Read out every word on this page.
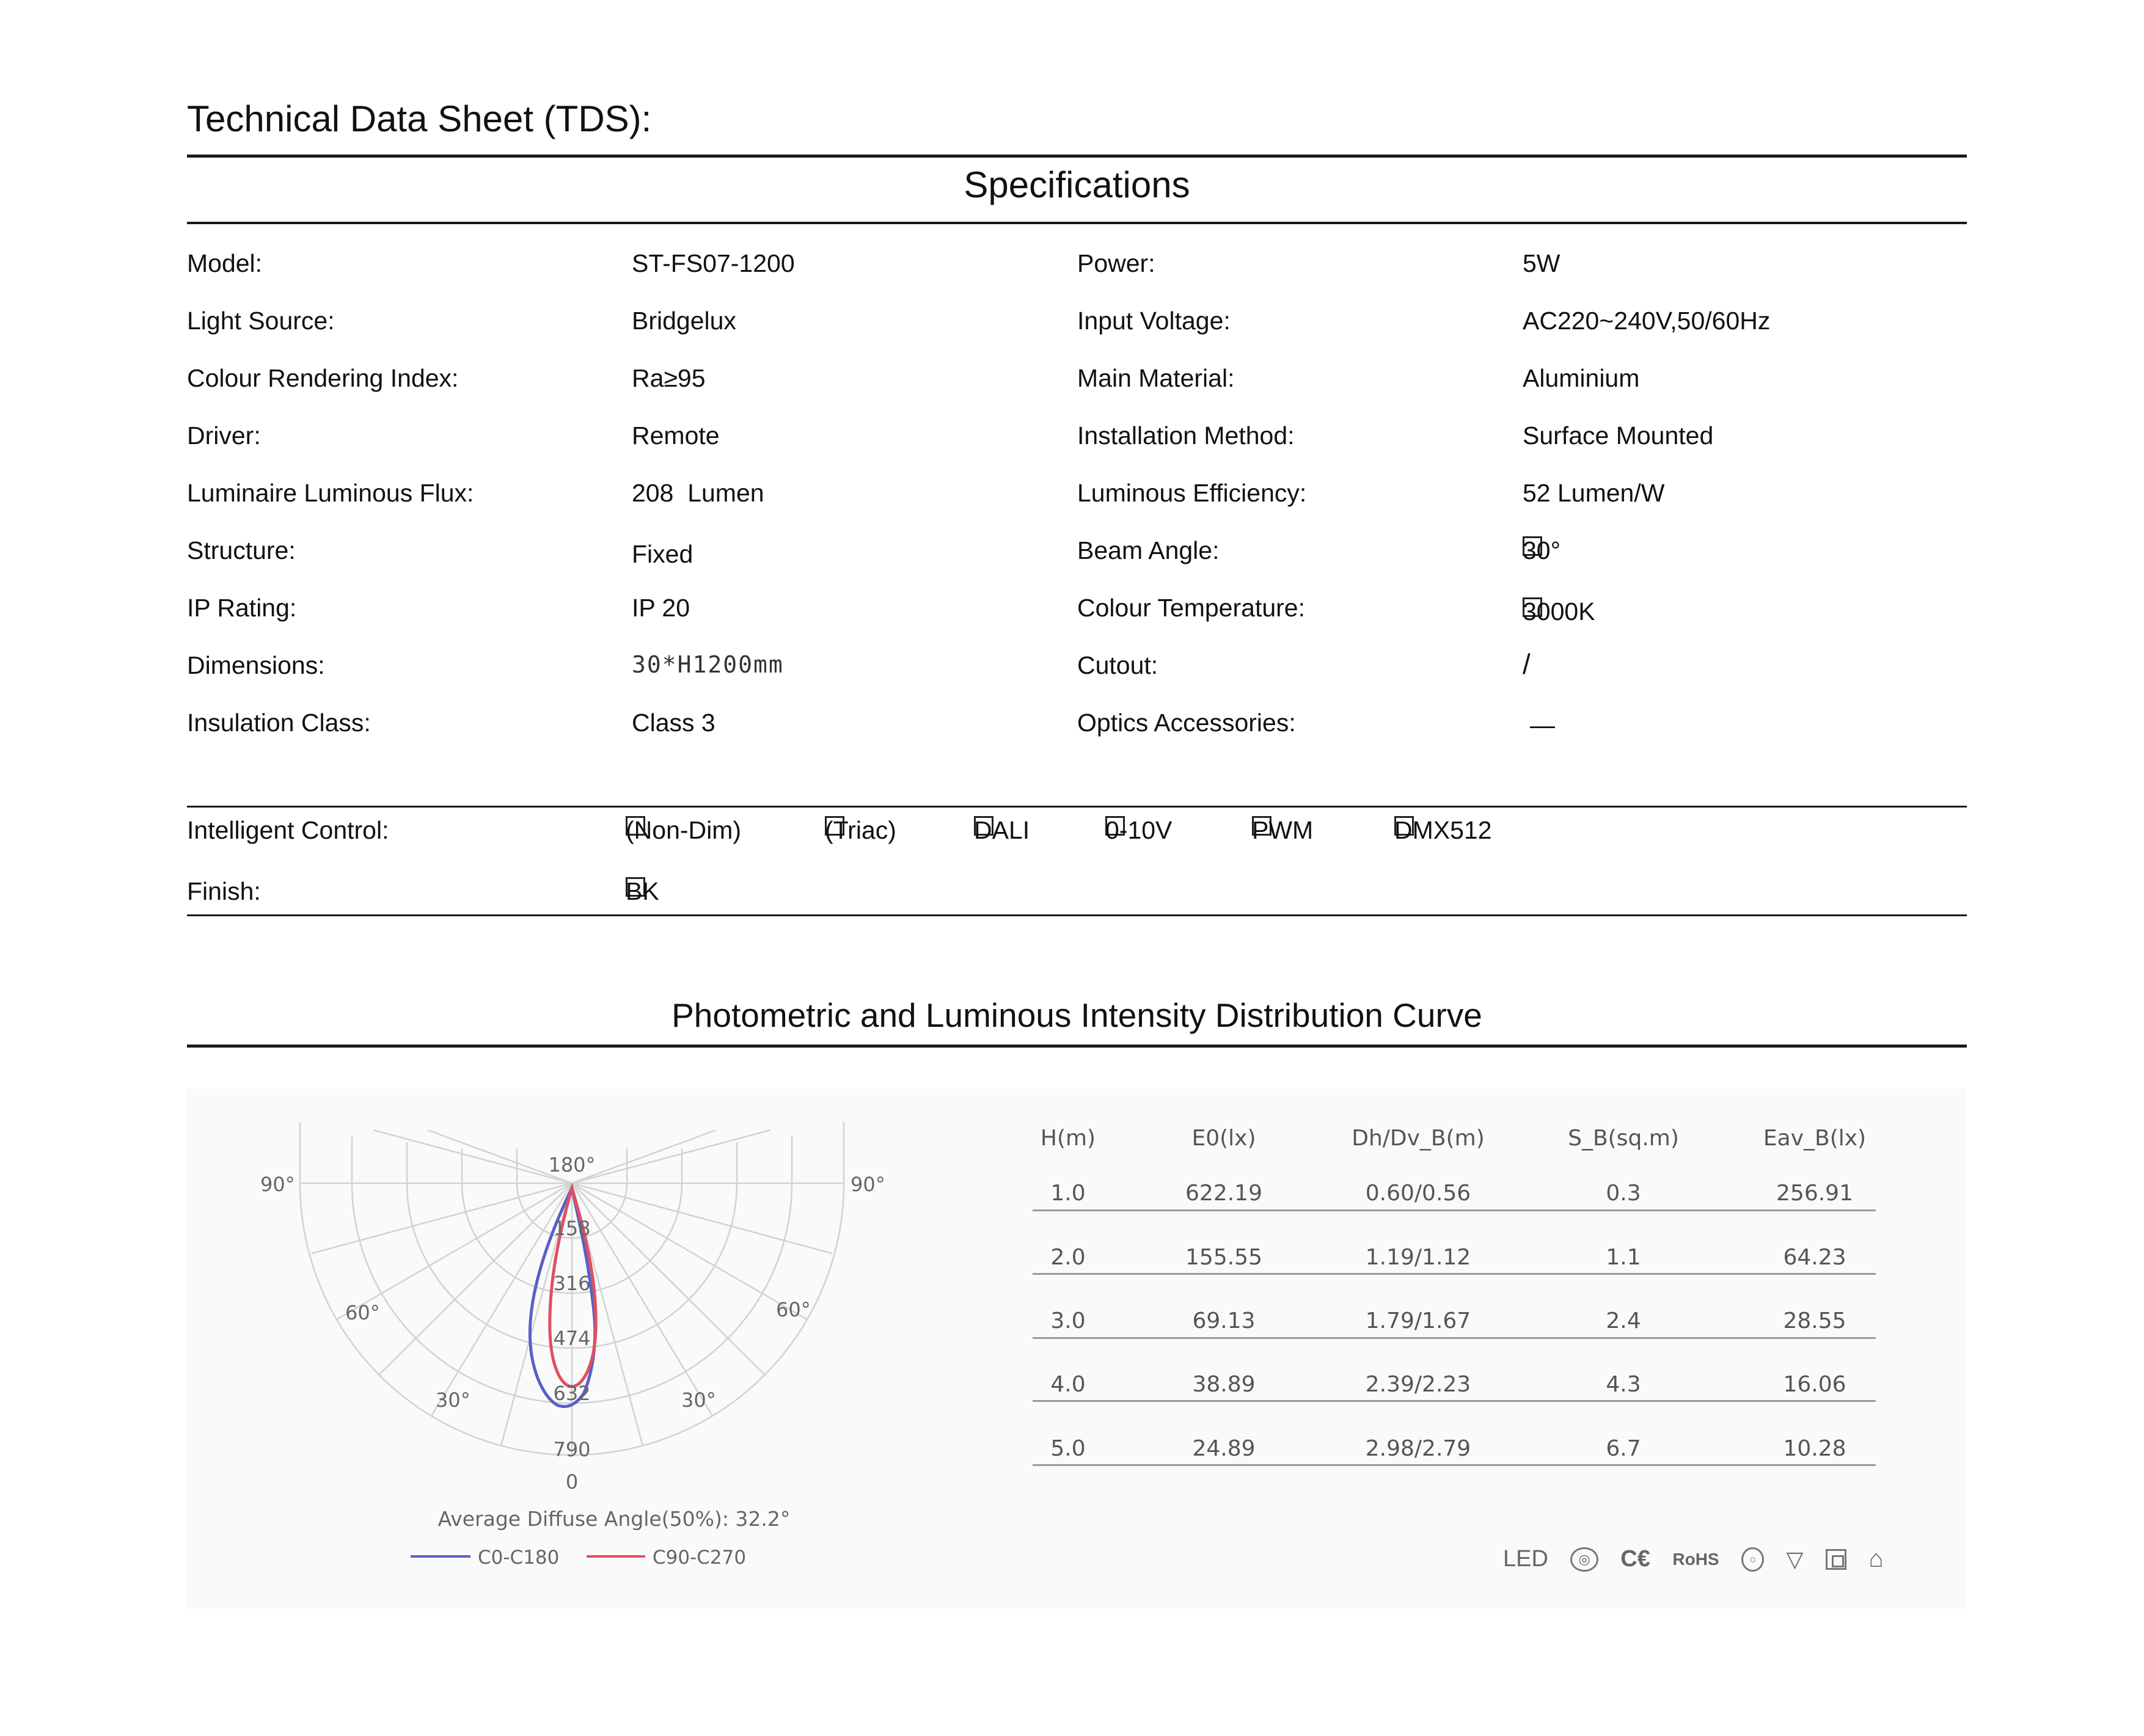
Technical Data Sheet (TDS):
Specifications
Model:	ST-FS07-1200	Power:	5W
Light Source:	Bridgelux	Input Voltage:	AC220~240V,50/60Hz
Colour Rendering Index:	Ra≥95	Main Material:	Aluminium
Driver:	Remote	Installation Method:	Surface Mounted
Luminaire Luminous Flux:	208  Lumen	Luminous Efficiency:	52 Lumen/W
Structure:	Fixed	Beam Angle:	30°
IP Rating:	IP 20	Colour Temperature:	3000K
Dimensions:	30*H1200mm	Cutout:	/
Insulation Class:	Class 3	Optics Accessories:	—
Intelligent Control:	(Non-Dim)	(Triac)	DALI	0-10V	PWM	DMX512
Finish:	BK
Photometric and Luminous Intensity Distribution Curve
180°
90°	90°
60°	60°
30°	30°
0
158
316
474
632
790
Average Diffuse Angle(50%): 32.2°
C0-C180	C90-C270
H(m)	E0(lx)	Dh/Dv_B(m)	S_B(sq.m)	Eav_B(lx)
1.0	622.19	0.60/0.56	0.3	256.91
2.0	155.55	1.19/1.12	1.1	64.23
3.0	69.13	1.79/1.67	2.4	28.55
4.0	38.89	2.39/2.23	4.3	16.06
5.0	24.89	2.98/2.79	6.7	10.28
LED ◎ C€ RoHS	○ ▽	⌂
